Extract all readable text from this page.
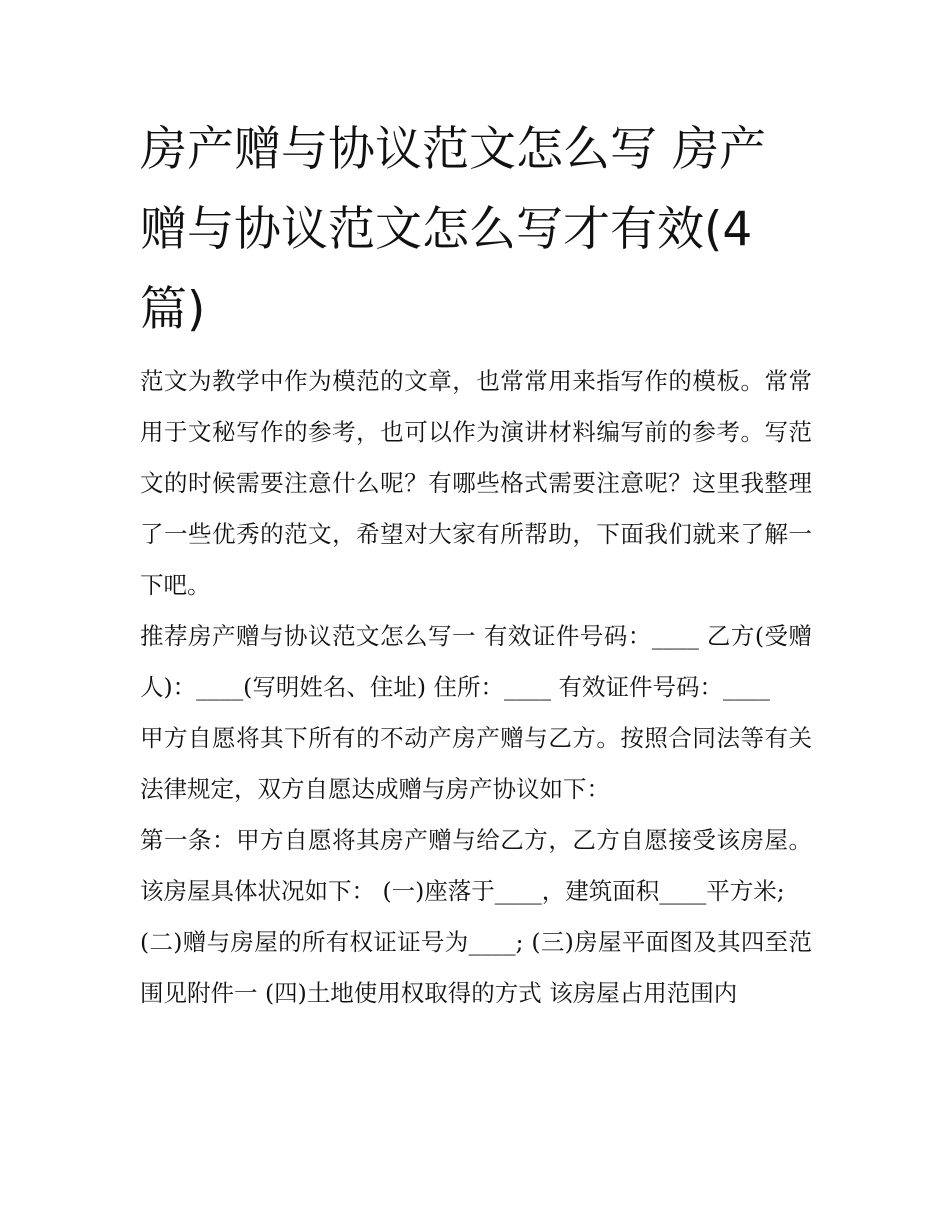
房产赠与协议范文怎么写 房产赠与协议范文怎么写才有效(4篇)

范文为教学中作为模范的文章，也常常用来指写作的模板。常常用于文秘写作的参考，也可以作为演讲材料编写前的参考。写范文的时候需要注意什么呢？有哪些格式需要注意呢？这里我整理了一些优秀的范文，希望对大家有所帮助，下面我们就来了解一下吧。

推荐房产赠与协议范文怎么写一 有效证件号码：____ 乙方(受赠人)：____(写明姓名、住址) 住所：____ 有效证件号码：____

甲方自愿将其下所有的不动产房产赠与乙方。按照合同法等有关法律规定，双方自愿达成赠与房产协议如下：

第一条：甲方自愿将其房产赠与给乙方，乙方自愿接受该房屋。该房屋具体状况如下： (一)座落于____，建筑面积____平方米;

(二)赠与房屋的所有权证证号为____; (三)房屋平面图及其四至范围见附件一 (四)土地使用权取得的方式 该房屋占用范围内
